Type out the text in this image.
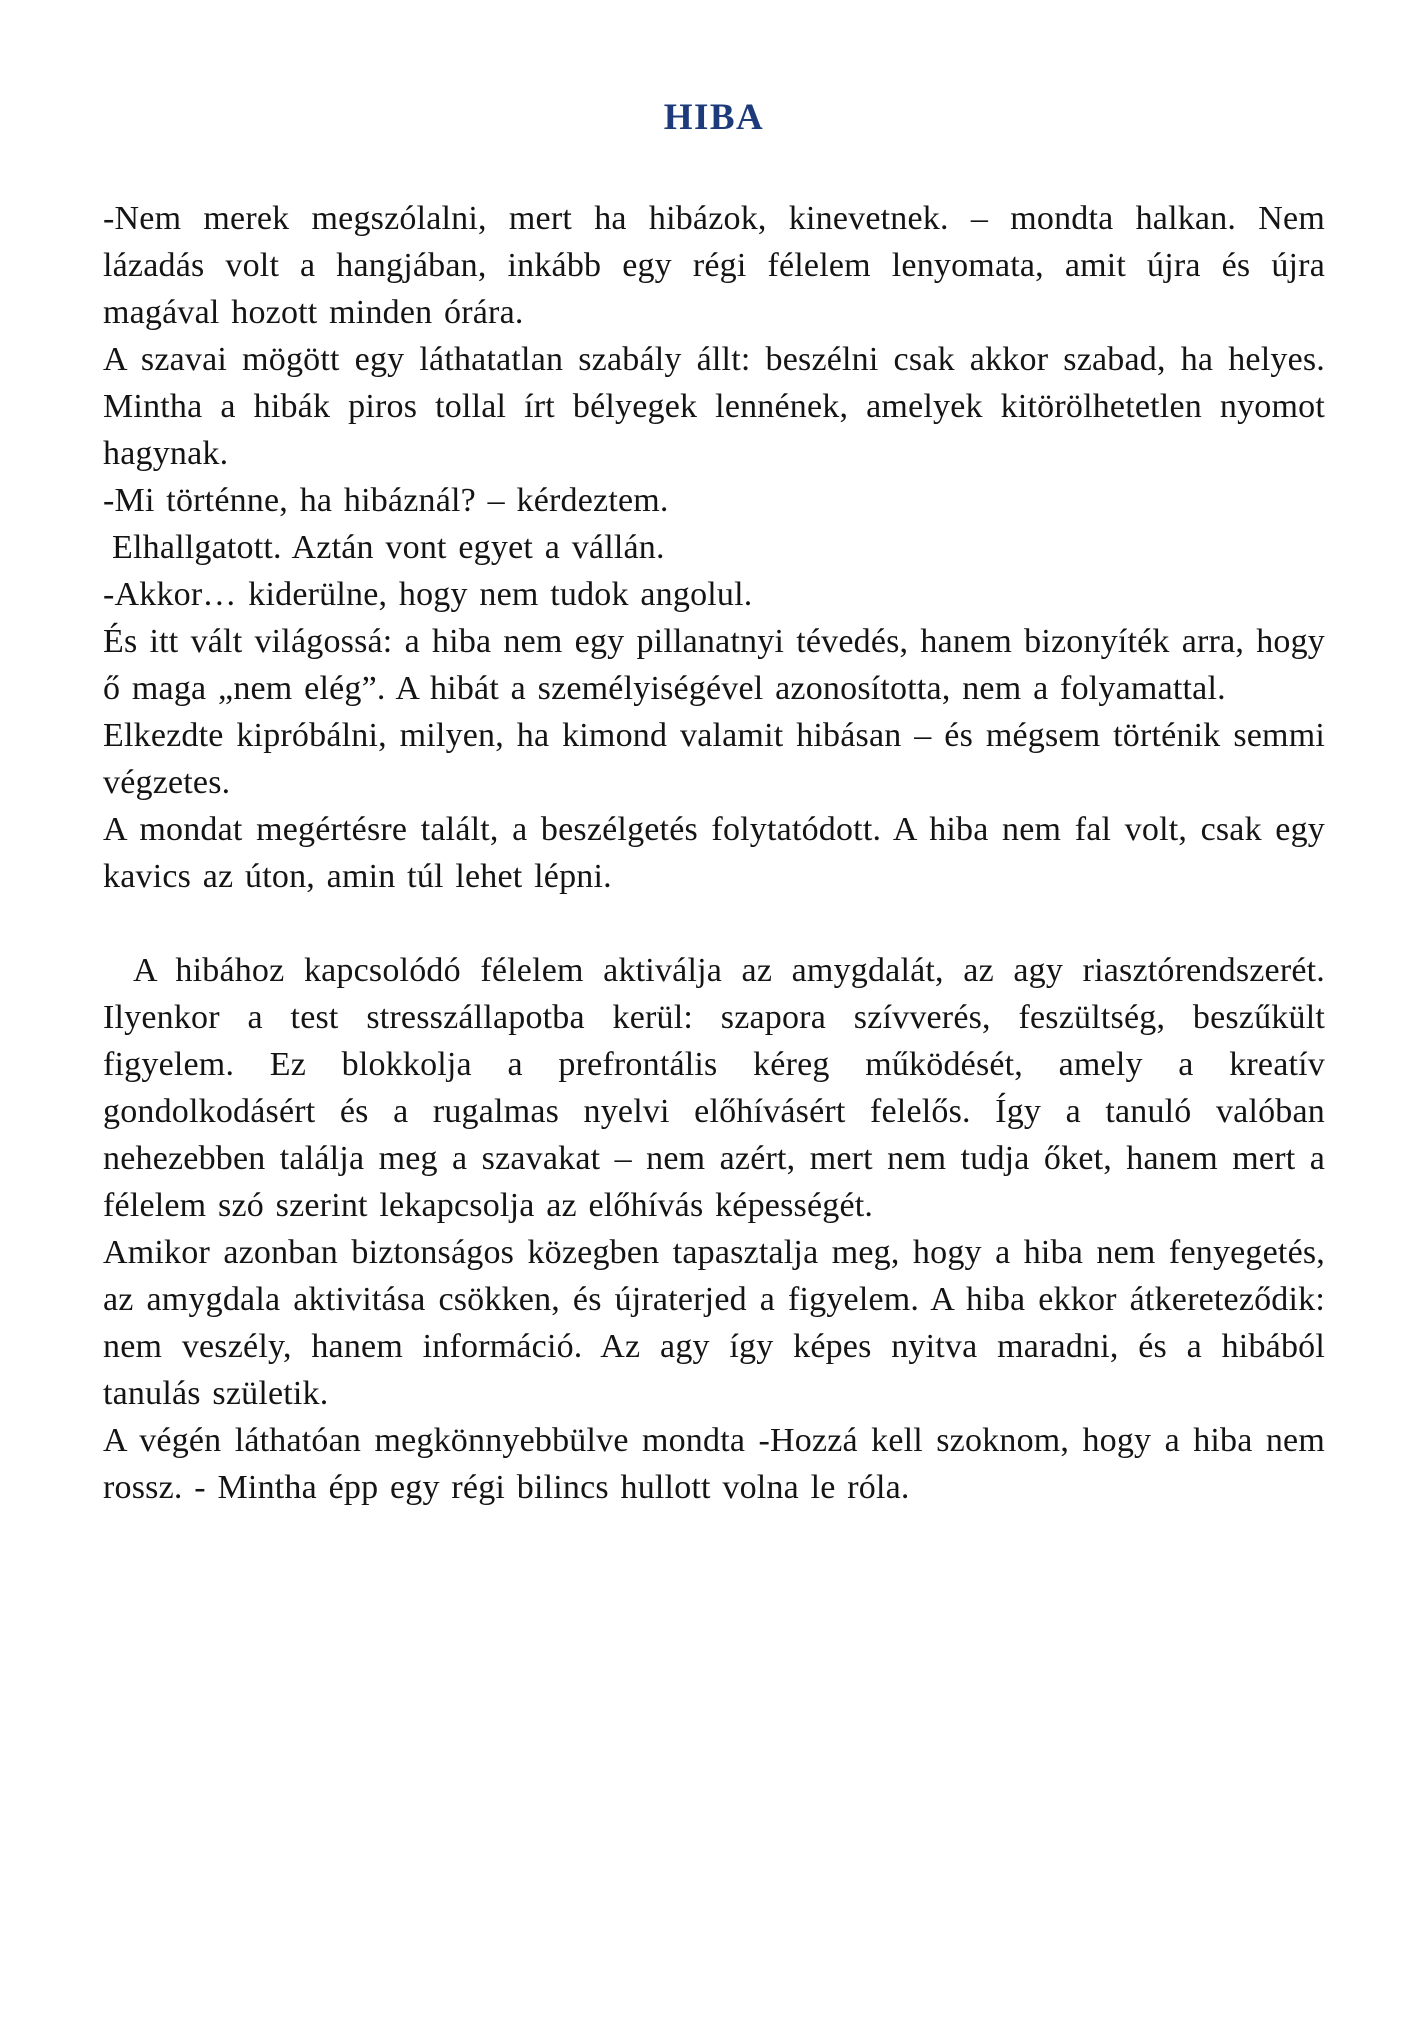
HIBA

-Nem merek megszólalni, mert ha hibázok, kinevetnek. – mondta halkan. Nem lázadás volt a hangjában, inkább egy régi félelem lenyomata, amit újra és újra magával hozott minden órára.

A szavai mögött egy láthatatlan szabály állt: beszélni csak akkor szabad, ha helyes. Mintha a hibák piros tollal írt bélyegek lennének, amelyek kitörölhetetlen nyomot hagynak.

-Mi történne, ha hibáznál? – kérdeztem.

Elhallgatott. Aztán vont egyet a vállán.

-Akkor… kiderülne, hogy nem tudok angolul.

És itt vált világossá: a hiba nem egy pillanatnyi tévedés, hanem bizonyíték arra, hogy ő maga „nem elég”. A hibát a személyiségével azonosította, nem a folyamattal.

Elkezdte kipróbálni, milyen, ha kimond valamit hibásan – és mégsem történik semmi végzetes.

A mondat megértésre talált, a beszélgetés folytatódott. A hiba nem fal volt, csak egy kavics az úton, amin túl lehet lépni.

A hibához kapcsolódó félelem aktiválja az amygdalát, az agy riasztórendszerét. Ilyenkor a test stresszállapotba kerül: szapora szívverés, feszültség, beszűkült figyelem. Ez blokkolja a prefrontális kéreg működését, amely a kreatív gondolkodásért és a rugalmas nyelvi előhívásért felelős. Így a tanuló valóban nehezebben találja meg a szavakat – nem azért, mert nem tudja őket, hanem mert a félelem szó szerint lekapcsolja az előhívás képességét.

Amikor azonban biztonságos közegben tapasztalja meg, hogy a hiba nem fenyegetés, az amygdala aktivitása csökken, és újraterjed a figyelem. A hiba ekkor átkereteződik: nem veszély, hanem információ. Az agy így képes nyitva maradni, és a hibából tanulás születik.

A végén láthatóan megkönnyebbülve mondta -Hozzá kell szoknom, hogy a hiba nem rossz. - Mintha épp egy régi bilincs hullott volna le róla.
